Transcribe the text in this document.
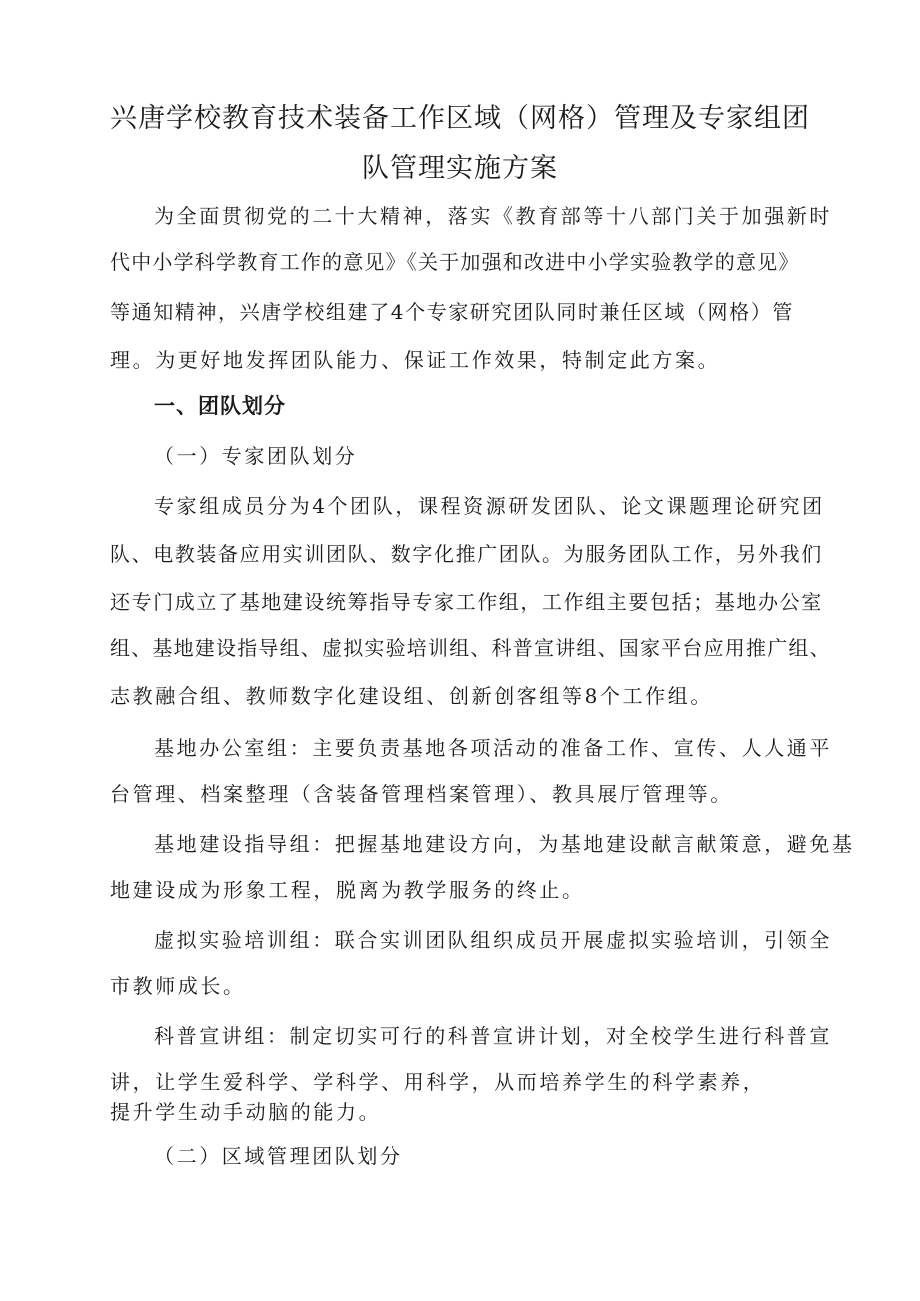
兴唐学校教育技术装备工作区域（网格）管理及专家组团
队管理实施方案
为全面贯彻党的二十大精神，落实《教育部等十八部门关于加强新时
代中小学科学教育工作的意见》《关于加强和改进中小学实验教学的意见》
等通知精神，兴唐学校组建了4个专家研究团队同时兼任区域（网格）管
理。为更好地发挥团队能力、保证工作效果，特制定此方案。
一、团队划分
（一）专家团队划分
专家组成员分为4个团队，课程资源研发团队、论文课题理论研究团
队、电教装备应用实训团队、数字化推广团队。为服务团队工作，另外我们
还专门成立了基地建设统筹指导专家工作组，工作组主要包括；基地办公室
组、基地建设指导组、虚拟实验培训组、科普宣讲组、国家平台应用推广组、
志教融合组、教师数字化建设组、创新创客组等8个工作组。
基地办公室组：主要负责基地各项活动的准备工作、宣传、人人通平
台管理、档案整理（含装备管理档案管理）、教具展厅管理等。
基地建设指导组：把握基地建设方向，为基地建设献言献策意，避免基
地建设成为形象工程，脱离为教学服务的终止。
虚拟实验培训组：联合实训团队组织成员开展虚拟实验培训，引领全
市教师成长。
科普宣讲组：制定切实可行的科普宣讲计划，对全校学生进行科普宣
讲，让学生爱科学、学科学、用科学，从而培养学生的科学素养，
提升学生动手动脑的能力。
（二）区域管理团队划分
